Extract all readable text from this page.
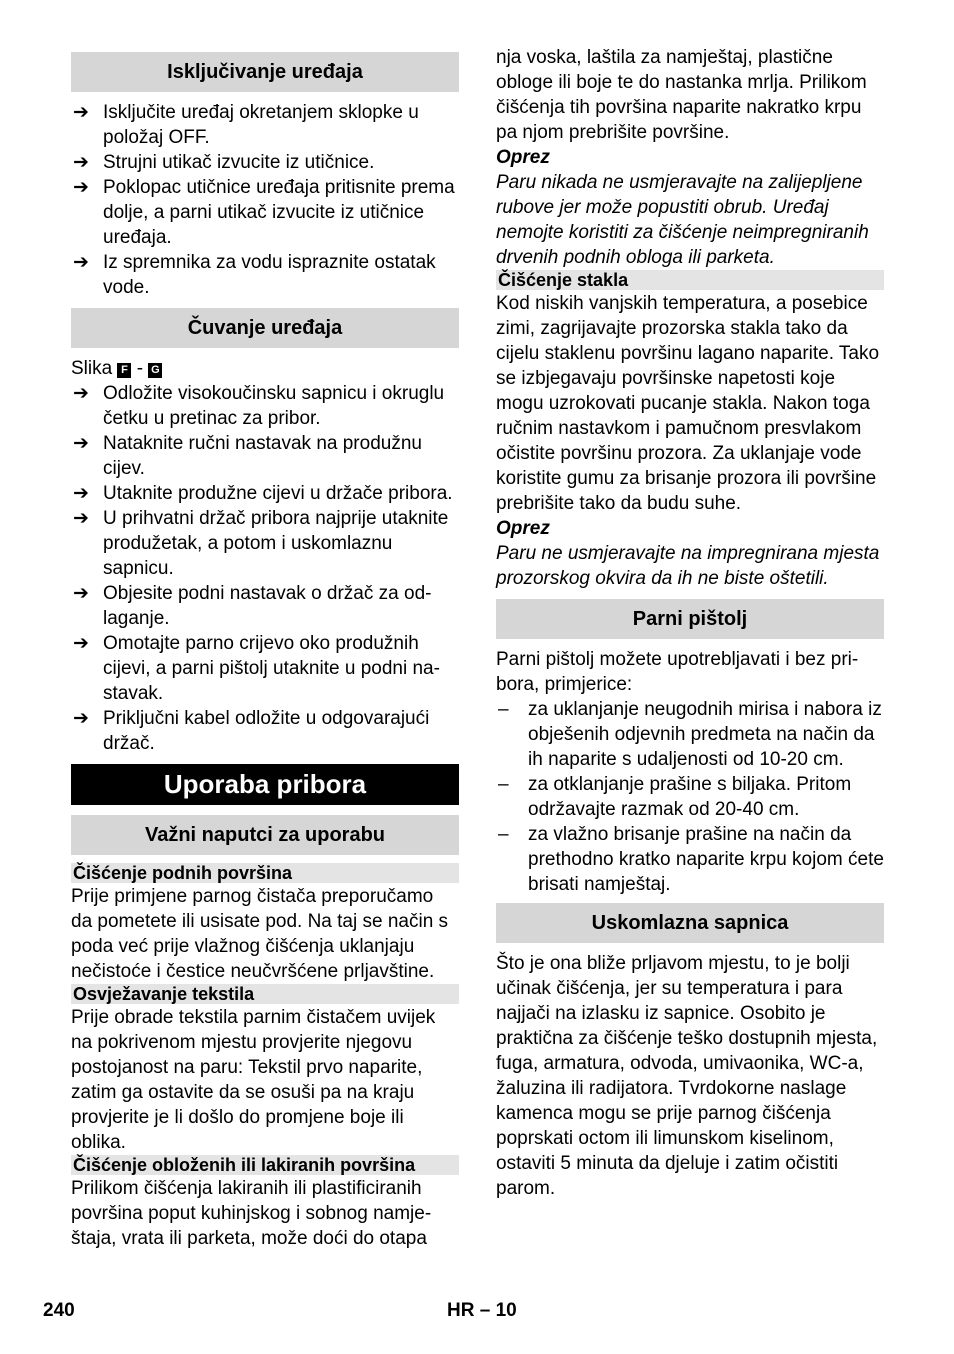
Isključivanje uređaja
➔ Isključite uređaj okretanjem sklopke u položaj OFF.
➔ Strujni utikač izvucite iz utičnice.
➔ Poklopac utičnice uređaja pritisnite prema dolje, a parni utikač izvucite iz utičnice uređaja.
➔ Iz spremnika za vodu ispraznite ostatak vode.
Čuvanje uređaja

Slika F - G

➔ Odložite visokoučinsku sapnicu i okruglu četku u pretinac za pribor.
➔ Nataknite ručni nastavak na produžnu cijev.
➔ Utaknite produžne cijevi u držače pribora.
➔ U prihvatni držač pribora najprije utaknite produžetak, a potom i uskomlaznu sapnicu.
➔ Objesite podni nastavak o držač za odlaganje.
➔ Omotajte parno crijevo oko produžnih cijevi, a parni pištolj utaknite u podni nastavak.
➔ Priključni kabel odložite u odgovarajući držač.
Uporaba pribora
Važni naputci za uporabu
Čišćenje podnih površina

Prije primjene parnog čistača preporučamo da pometete ili usisate pod. Na taj se način s poda već prije vlažnog čišćenja uklanjaju nečistoće i čestice neučvršćene prljavštine.

Osvježavanje tekstila

Prije obrade tekstila parnim čistačem uvijek na pokrivenom mjestu provjerite njegovu postojanost na paru: Tekstil prvo naparite, zatim ga ostavite da se osuši pa na kraju provjerite je li došlo do promjene boje ili oblika.

Čišćenje obloženih ili lakiranih površina

Prilikom čišćenja lakiranih ili plastificiranih površina poput kuhinjskog i sobnog namještaja, vrata ili parketa, može doći do otapa

nja voska, laštila za namještaj, plastične obloge ili boje te do nastanka mrlja. Prilikom čišćenja tih površina naparite nakratko krpu pa njom prebrišite površine.

Oprez
Paru nikada ne usmjeravajte na zalijepljene rubove jer može popustiti obrub. Uređaj nemojte koristiti za čišćenje neimpregniranih drvenih podnih obloga ili parketa.
Čišćenje stakla

Kod niskih vanjskih temperatura, a posebice zimi, zagrijavajte prozorska stakla tako da cijelu staklenu površinu lagano naparite. Tako se izbjegavaju površinske napetosti koje mogu uzrokovati pucanje stakla. Nakon toga ručnim nastavkom i pamučnom presvlakom očistite površinu prozora. Za uklanjaje vode koristite gumu za brisanje prozora ili površine prebrišite tako da budu suhe.

Oprez
Paru ne usmjeravajte na impregnirana mjesta prozorskog okvira da ih ne biste oštetili.
Parni pištolj

Parni pištolj možete upotrebljavati i bez pribora, primjerice:

– za uklanjanje neugodnih mirisa i nabora iz obješenih odjevnih predmeta na način da ih naparite s udaljenosti od 10-20 cm.
– za otklanjanje prašine s biljaka. Pritom održavajte razmak od 20-40 cm.
– za vlažno brisanje prašine na način da prethodno kratko naparite krpu kojom ćete brisati namještaj.
Uskomlazna sapnica

Što je ona bliže prljavom mjestu, to je bolji učinak čišćenja, jer su temperatura i para najjači na izlasku iz sapnice. Osobito je praktična za čišćenje teško dostupnih mjesta, fuga, armatura, odvoda, umivaonika, WC-a, žaluzina ili radijatora. Tvrdokorne naslage kamenca mogu se prije parnog čišćenja poprskati octom ili limunskom kiselinom, ostaviti 5 minuta da djeluje i zatim očistiti parom.

240	HR – 10
